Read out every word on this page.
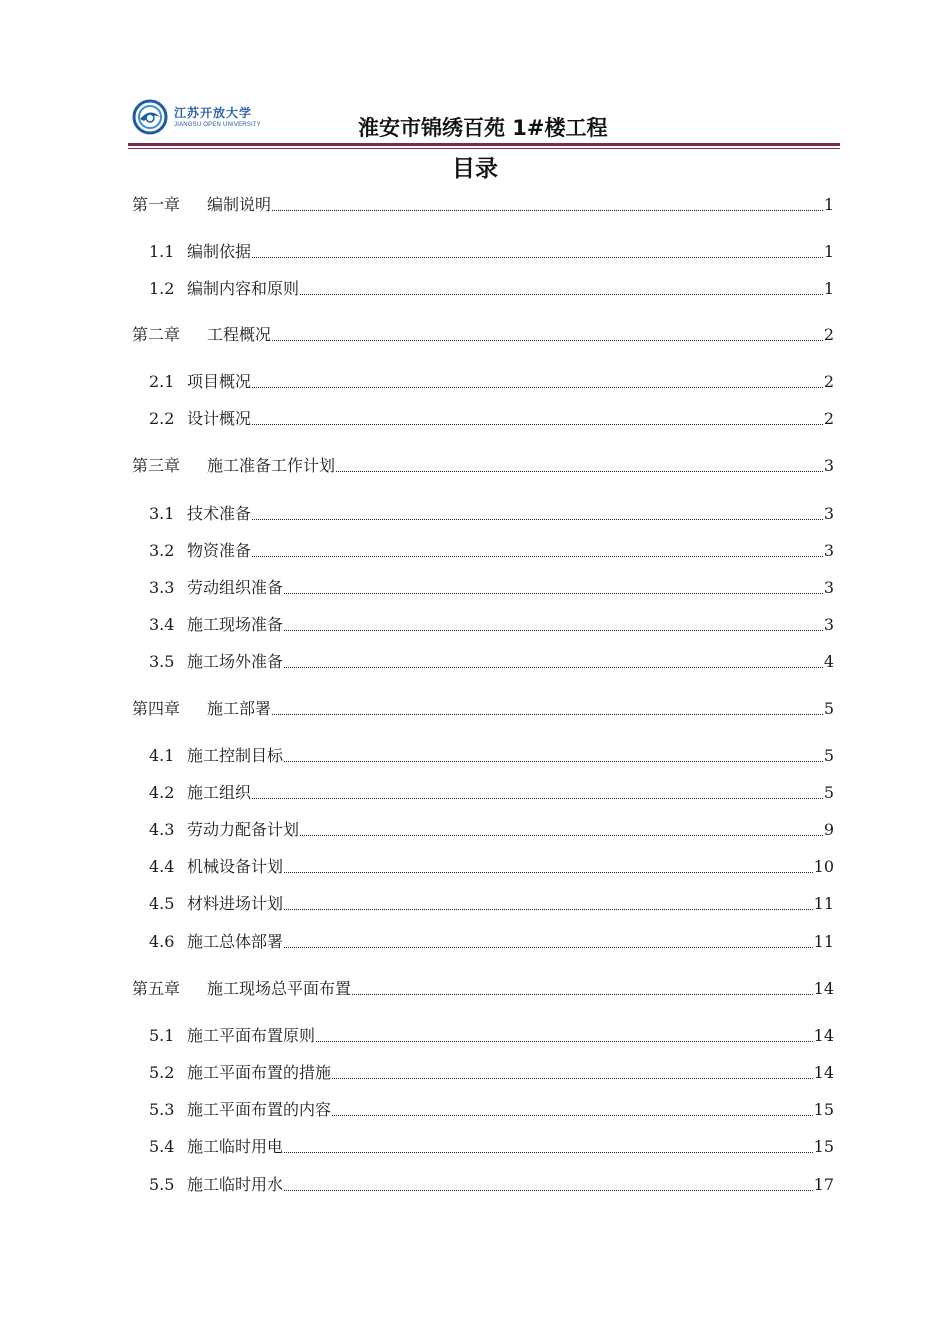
江苏开放大学
JIANGSU OPEN UNIVERSITY	淮安市锦绣百苑 1#楼工程
目录
第一章	编制说明	1
1.1 编制依据	1
1.2 编制内容和原则	1
第二章	工程概况	2
2.1 项目概况	2
2.2 设计概况	2
第三章	施工准备工作计划	3
3.1 技术准备	3
3.2 物资准备	3
3.3 劳动组织准备	3
3.4 施工现场准备	3
3.5 施工场外准备	4
第四章	施工部署	5
4.1 施工控制目标	5
4.2 施工组织	5
4.3 劳动力配备计划	9
4.4 机械设备计划	10
4.5 材料进场计划	11
4.6 施工总体部署	11
第五章	施工现场总平面布置	14
5.1 施工平面布置原则	14
5.2 施工平面布置的措施	14
5.3 施工平面布置的内容	15
5.4 施工临时用电	15
5.5 施工临时用水	17
